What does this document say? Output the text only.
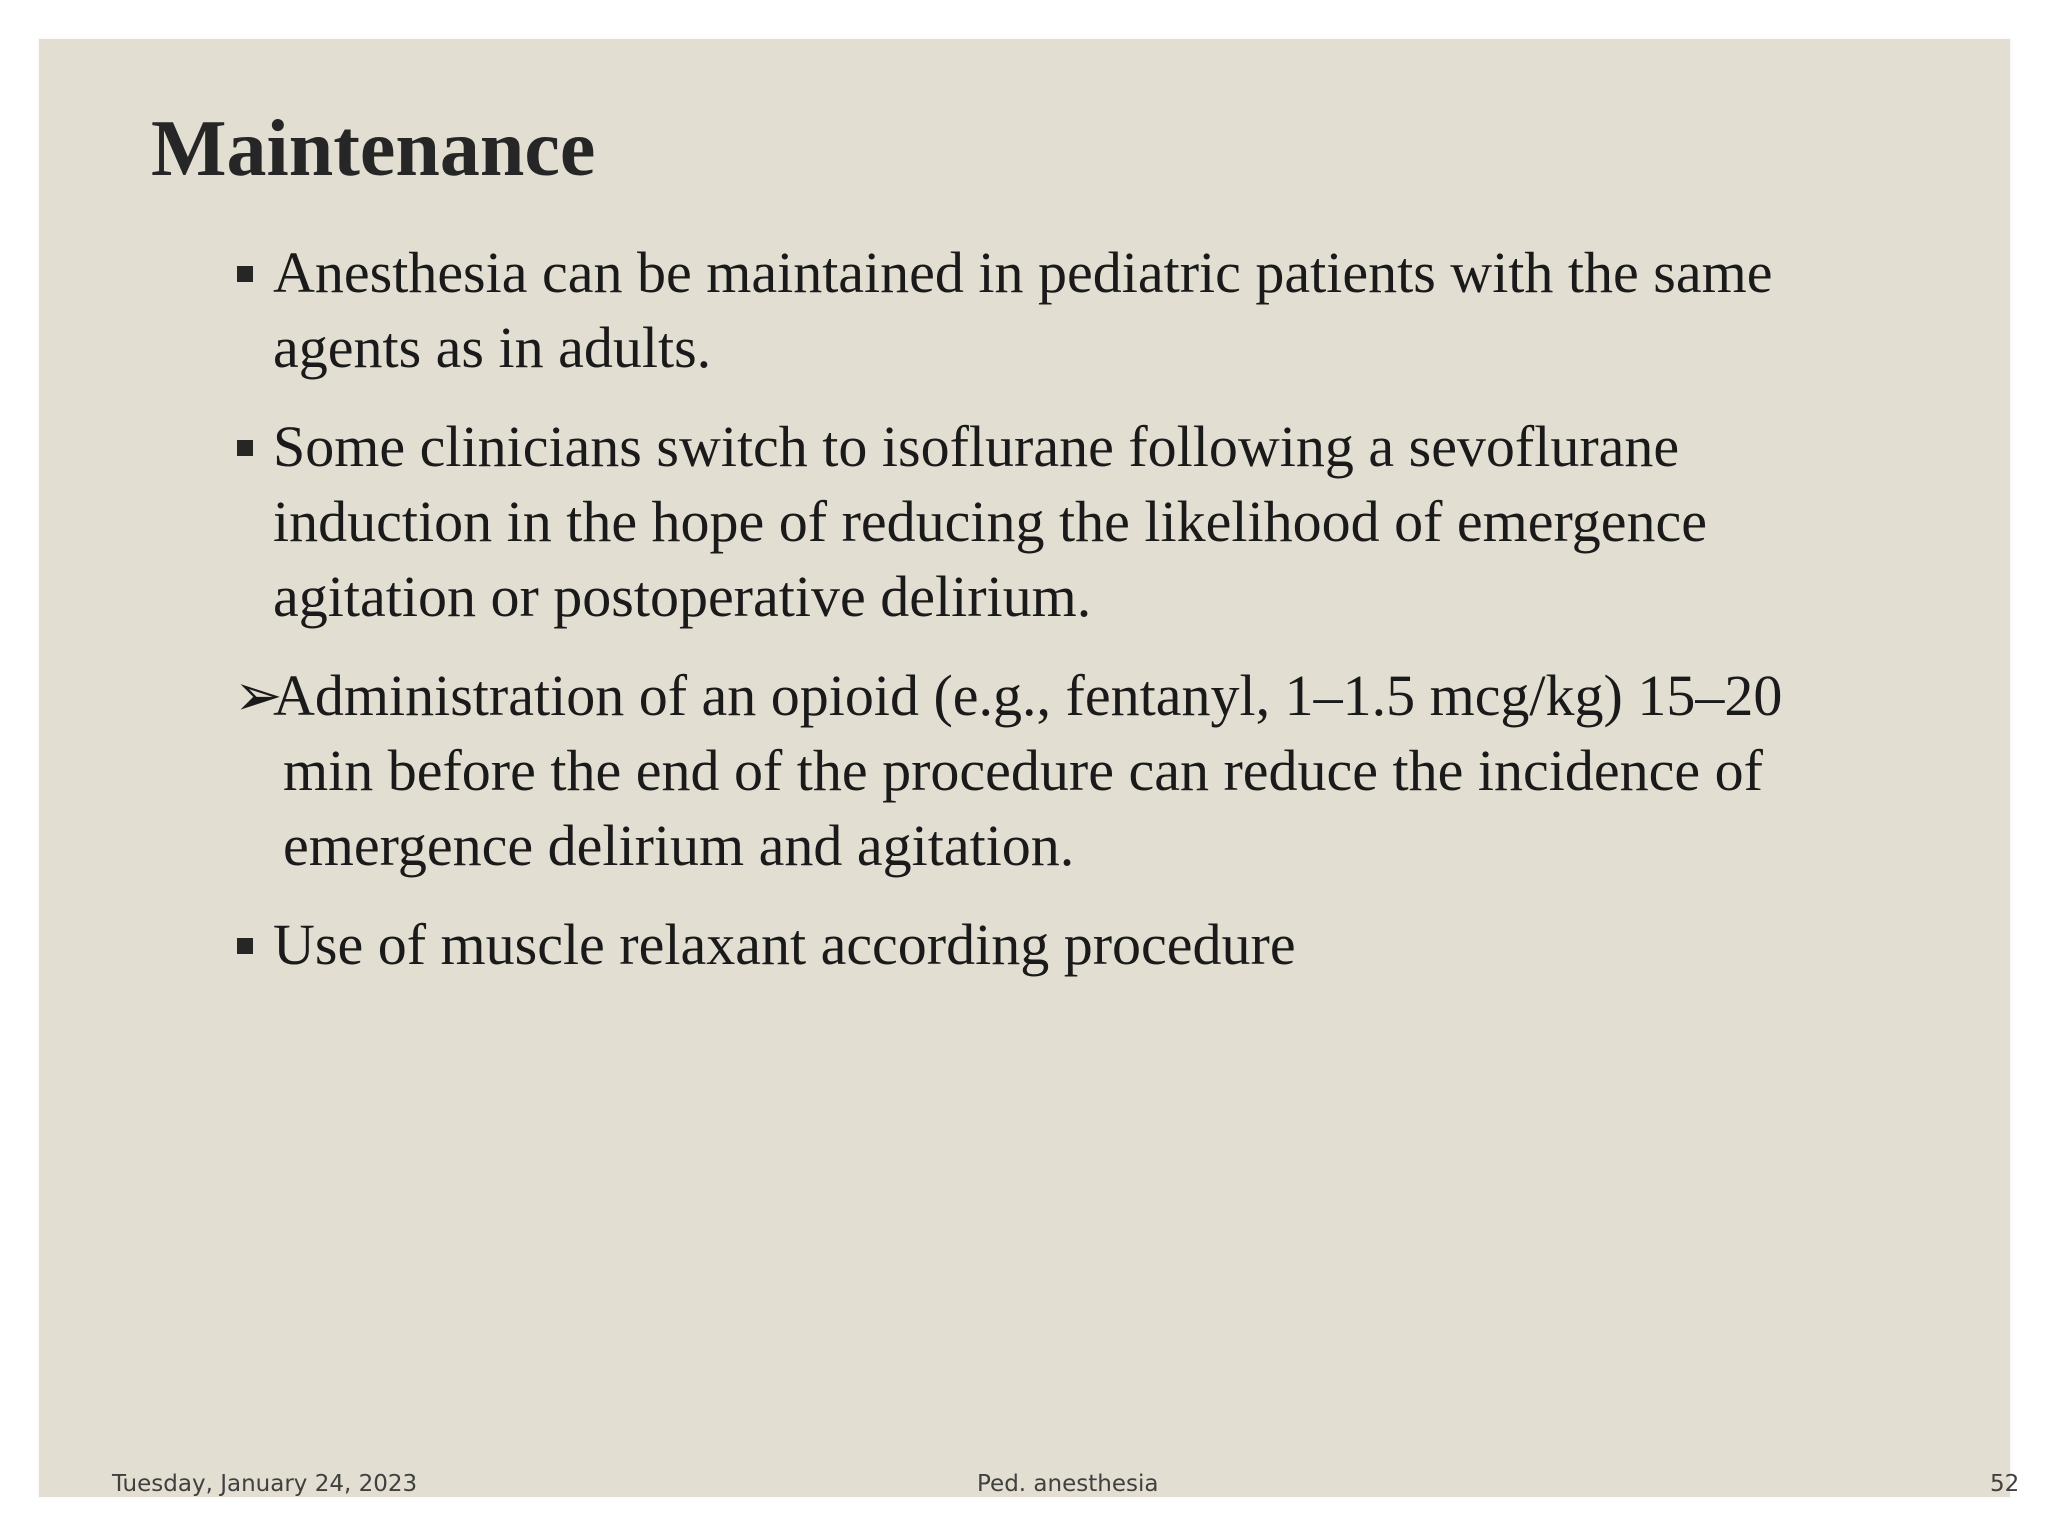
Maintenance
Anesthesia can be maintained in pediatric patients with the same agents as in adults.
Some clinicians switch to isoflurane following a sevoflurane induction in the hope of reducing the likelihood of emergence agitation or postoperative delirium.
➢
Administration of an opioid (e.g., fentanyl, 1–1.5 mcg/kg) 15–20 min before the end of the procedure can reduce the incidence of emergence delirium and agitation.
Use of muscle relaxant according procedure
Tuesday, January 24, 2023	Ped. anesthesia	52
